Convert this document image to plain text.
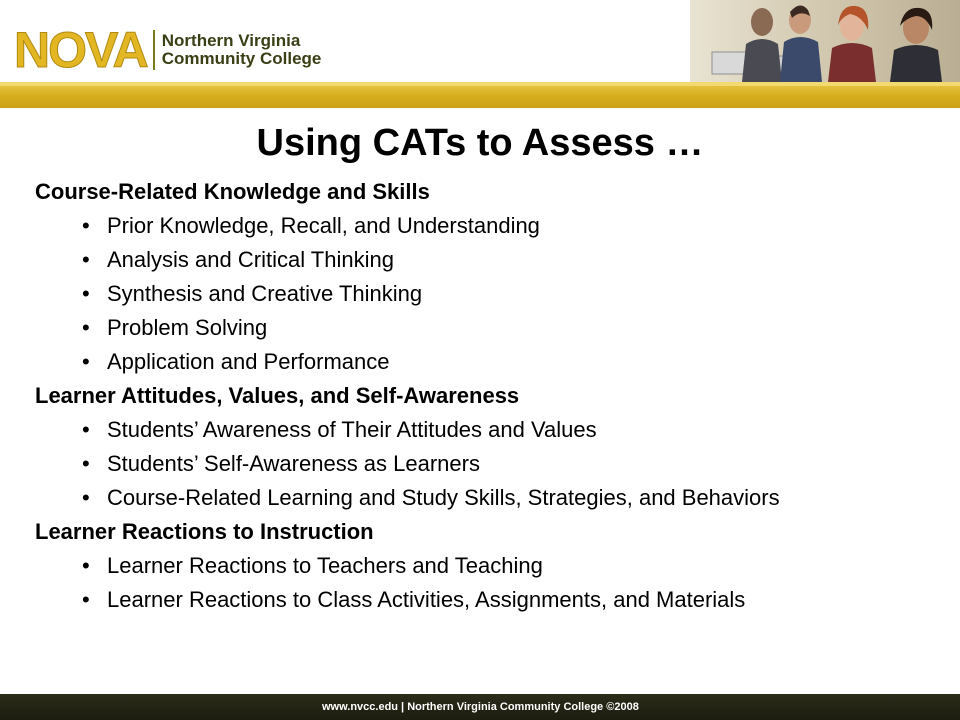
NOVA Northern Virginia
Community College
Using CATs to Assess …

Course-Related Knowledge and Skills

• Prior Knowledge, Recall, and Understanding
• Analysis and Critical Thinking
• Synthesis and Creative Thinking
• Problem Solving
• Application and Performance

Learner Attitudes, Values, and Self-Awareness

• Students’ Awareness of Their Attitudes and Values
• Students’ Self-Awareness as Learners
• Course-Related Learning and Study Skills, Strategies, and Behaviors

Learner Reactions to Instruction

• Learner Reactions to Teachers and Teaching
• Learner Reactions to Class Activities, Assignments, and Materials
www.nvcc.edu | Northern Virginia Community College ©2008
